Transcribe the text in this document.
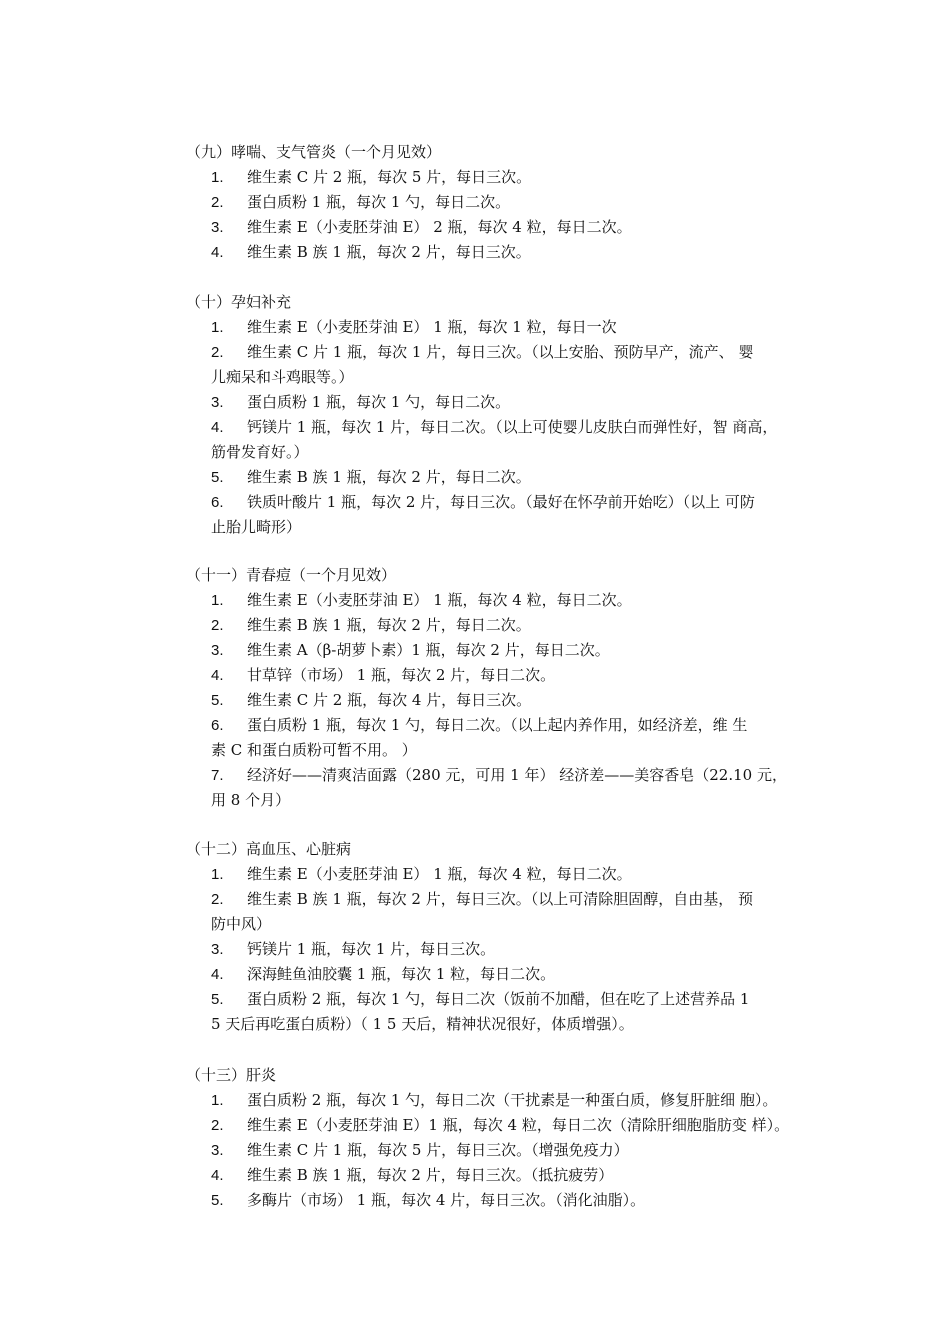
（九）哮喘、支气管炎（一个月见效）
1. 维生素 C 片 2 瓶，每次 5 片，每日三次。
2. 蛋白质粉 1 瓶，每次 1 勺，每日二次。
3. 维生素 E（小麦胚芽油 E） 2 瓶，每次 4 粒，每日二次。
4. 维生素 B 族 1 瓶，每次 2 片，每日三次。
（十）孕妇补充
1. 维生素 E（小麦胚芽油 E） 1 瓶，每次 1 粒，每日一次
2. 维生素 C 片 1 瓶，每次 1 片，每日三次。（以上安胎、预防早产，流产、 婴
儿痴呆和斗鸡眼等。）
3. 蛋白质粉 1 瓶，每次 1 勺，每日二次。
4. 钙镁片 1 瓶，每次 1 片，每日二次。（以上可使婴儿皮肤白而弹性好，智 商高，
筋骨发育好。）
5. 维生素 B 族 1 瓶，每次 2 片，每日二次。
6. 铁质叶酸片 1 瓶，每次 2 片，每日三次。（最好在怀孕前开始吃）（以上 可防
止胎儿畸形）
（十一）青春痘（一个月见效）
1. 维生素 E（小麦胚芽油 E） 1 瓶，每次 4 粒，每日二次。
2. 维生素 B 族 1 瓶，每次 2 片，每日二次。
3. 维生素 A（β-胡萝卜素）1 瓶，每次 2 片，每日二次。
4. 甘草锌（市场） 1 瓶，每次 2 片，每日二次。
5. 维生素 C 片 2 瓶，每次 4 片，每日三次。
6. 蛋白质粉 1 瓶，每次 1 勺，每日二次。（以上起内养作用，如经济差，维 生
素 C 和蛋白质粉可暂不用。 ）
7. 经济好——清爽洁面露（280 元，可用 1 年） 经济差——美容香皂（22.10 元，
用 8 个月）
（十二）高血压、心脏病
1. 维生素 E（小麦胚芽油 E） 1 瓶，每次 4 粒，每日二次。
2. 维生素 B 族 1 瓶，每次 2 片，每日三次。（以上可清除胆固醇，自由基， 预
防中风）
3. 钙镁片 1 瓶，每次 1 片，每日三次。
4. 深海鲑鱼油胶囊 1 瓶，每次 1 粒，每日二次。
5. 蛋白质粉 2 瓶，每次 1 勺，每日二次（饭前不加醋，但在吃了上述营养品 1
5 天后再吃蛋白质粉）（ 1 5 天后，精神状况很好，体质增强）。
（十三）肝炎
1. 蛋白质粉 2 瓶，每次 1 勺，每日二次（干扰素是一种蛋白质，修复肝脏细 胞）。
2. 维生素 E（小麦胚芽油 E）1 瓶，每次 4 粒，每日二次（清除肝细胞脂肪变 样）。
3. 维生素 C 片 1 瓶，每次 5 片，每日三次。（增强免疫力）
4. 维生素 B 族 1 瓶，每次 2 片，每日三次。（抵抗疲劳）
5. 多酶片（市场） 1 瓶，每次 4 片，每日三次。（消化油脂）。
